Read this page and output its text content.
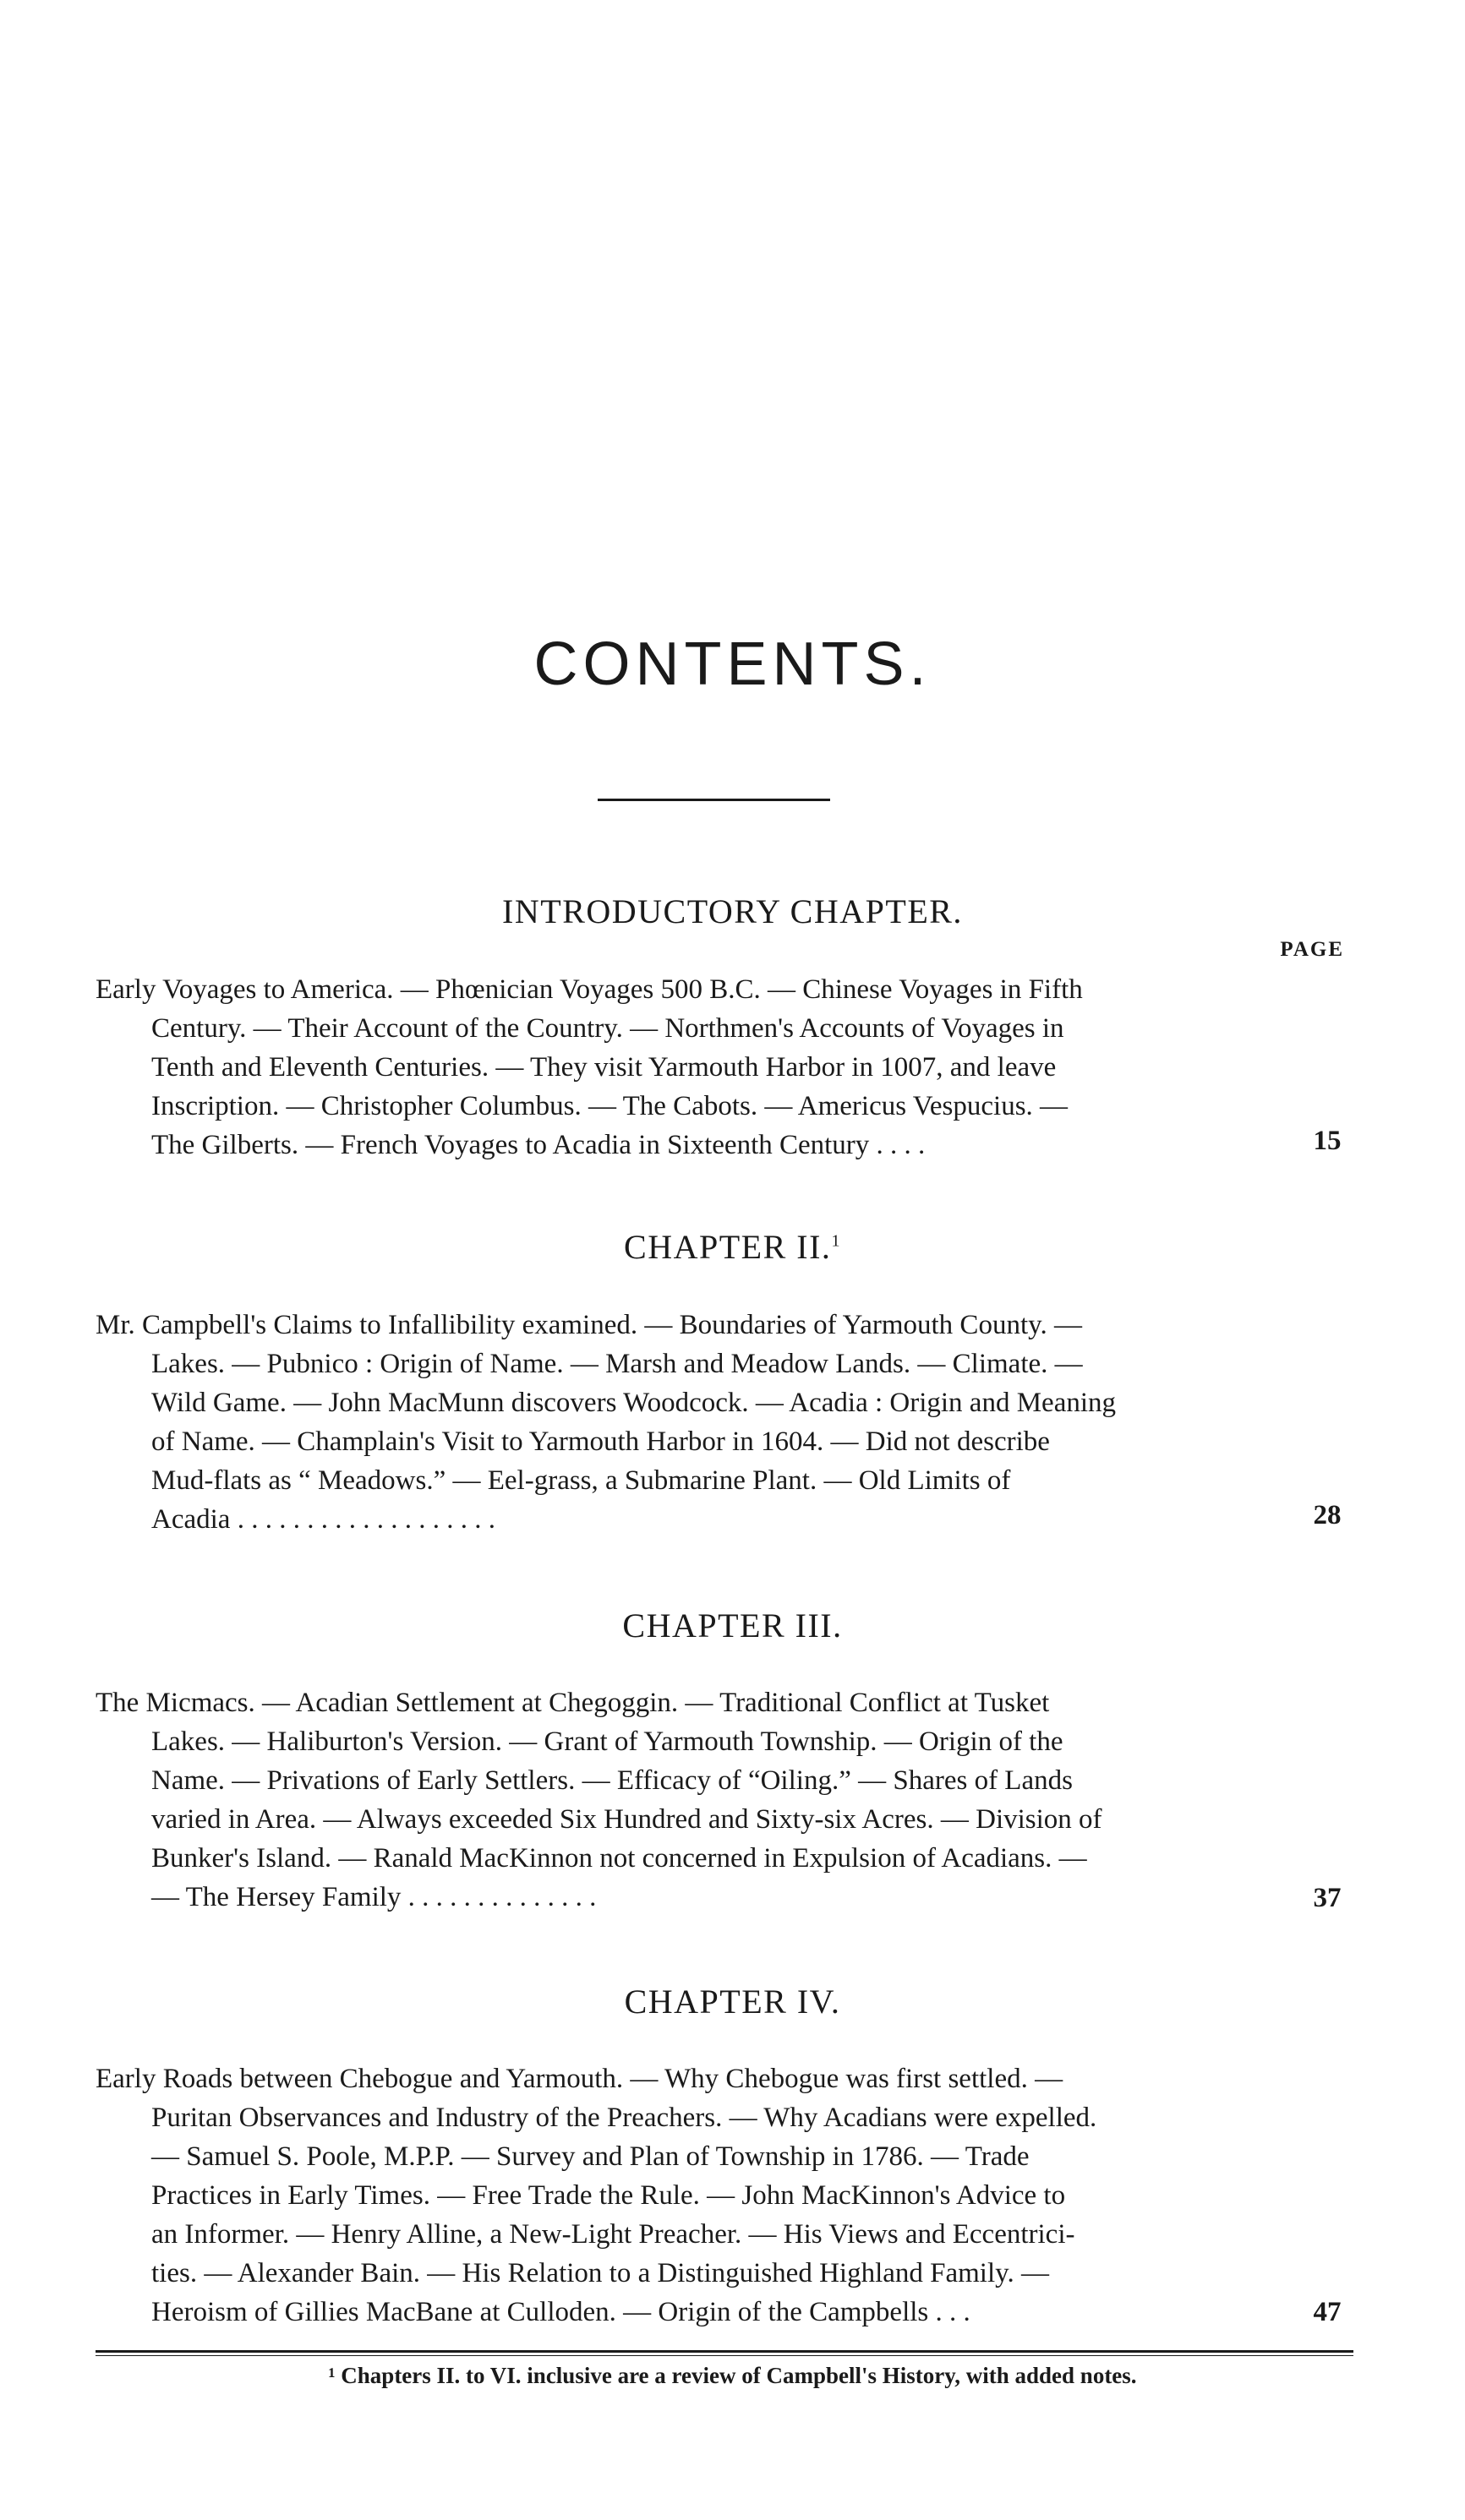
CONTENTS.
INTRODUCTORY CHAPTER.
PAGE
Early Voyages to America. — Phœnician Voyages 500 B.C. — Chinese Voyages in Fifth
Century. — Their Account of the Country. — Northmen's Accounts of Voyages in
Tenth and Eleventh Centuries. — They visit Yarmouth Harbor in 1007, and leave
Inscription. — Christopher Columbus. — The Cabots. — Americus Vespucius. —
The Gilberts. — French Voyages to Acadia in Sixteenth Century . . . .	15
CHAPTER II.$^1$
Mr. Campbell's Claims to Infallibility examined. — Boundaries of Yarmouth County. —
Lakes. — Pubnico : Origin of Name. — Marsh and Meadow Lands. — Climate. —
Wild Game. — John MacMunn discovers Woodcock. — Acadia : Origin and Meaning
of Name. — Champlain's Visit to Yarmouth Harbor in 1604. — Did not describe
Mud-flats as “ Meadows.” — Eel-grass, a Submarine Plant. — Old Limits of
Acadia . . . . . . . . . . . . . . . . . . .	28
CHAPTER III.
The Micmacs. — Acadian Settlement at Chegoggin. — Traditional Conflict at Tusket
Lakes. — Haliburton's Version. — Grant of Yarmouth Township. — Origin of the
Name. — Privations of Early Settlers. — Efficacy of “Oiling.” — Shares of Lands
varied in Area. — Always exceeded Six Hundred and Sixty-six Acres. — Division of
Bunker's Island. — Ranald MacKinnon not concerned in Expulsion of Acadians. —
— The Hersey Family . . . . . . . . . . . . . .	37
CHAPTER IV.
Early Roads between Chebogue and Yarmouth. — Why Chebogue was first settled. —
Puritan Observances and Industry of the Preachers. — Why Acadians were expelled.
— Samuel S. Poole, M.P.P. — Survey and Plan of Township in 1786. — Trade
Practices in Early Times. — Free Trade the Rule. — John MacKinnon's Advice to
an Informer. — Henry Alline, a New-Light Preacher. — His Views and Eccentrici-
ties. — Alexander Bain. — His Relation to a Distinguished Highland Family. —
Heroism of Gillies MacBane at Culloden. — Origin of the Campbells . . .	47
¹ Chapters II. to VI. inclusive are a review of Campbell's History, with added notes.
